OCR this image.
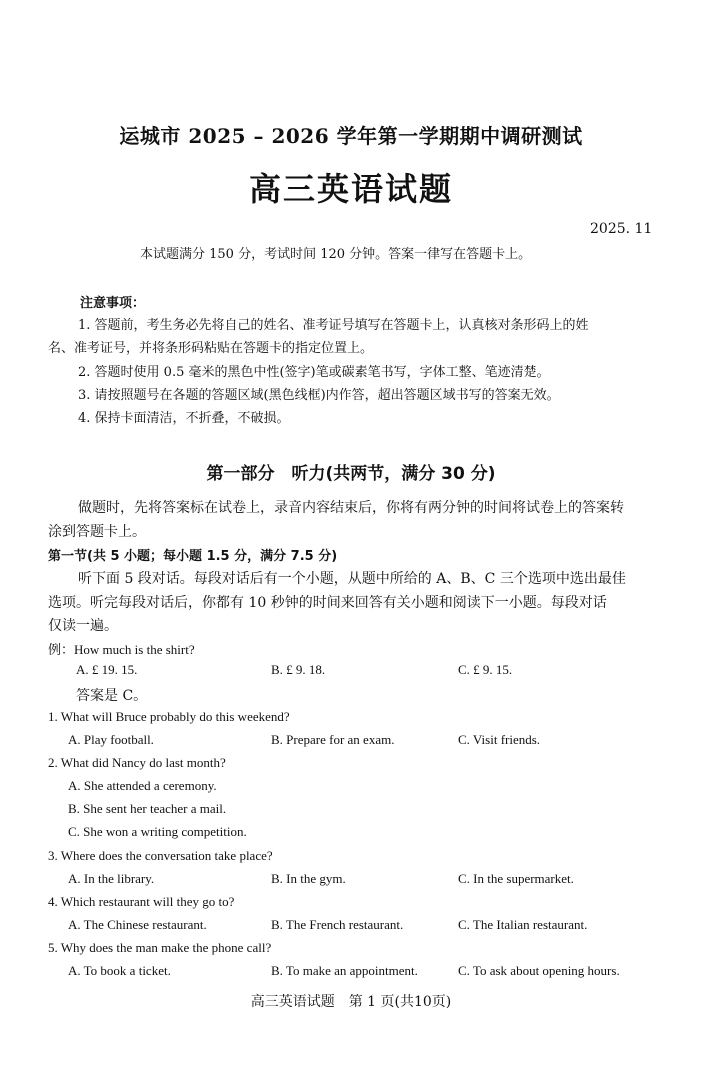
运城市 2025 – 2026 学年第一学期期中调研测试
高三英语试题
2025. 11
本试题满分 150 分，考试时间 120 分钟。答案一律写在答题卡上。
注意事项：
1. 答题前，考生务必先将自己的姓名、准考证号填写在答题卡上，认真核对条形码上的姓
名、准考证号，并将条形码粘贴在答题卡的指定位置上。
2. 答题时使用 0.5 毫米的黑色中性(签字)笔或碳素笔书写，字体工整、笔迹清楚。
3. 请按照题号在各题的答题区域(黑色线框)内作答，超出答题区域书写的答案无效。
4. 保持卡面清洁，不折叠，不破损。
第一部分　听力(共两节，满分 30 分)
做题时，先将答案标在试卷上，录音内容结束后，你将有两分钟的时间将试卷上的答案转
涂到答题卡上。
第一节(共 5 小题；每小题 1.5 分，满分 7.5 分)
听下面 5 段对话。每段对话后有一个小题，从题中所给的 A、B、C 三个选项中选出最佳
选项。听完每段对话后，你都有 10 秒钟的时间来回答有关小题和阅读下一小题。每段对话
仅读一遍。
例：How much is the shirt?
A. £ 19. 15.	B. £ 9. 18.	C. £ 9. 15.
答案是 C。
1. What will Bruce probably do this weekend?
A. Play football.	B. Prepare for an exam.	C. Visit friends.
2. What did Nancy do last month?
A. She attended a ceremony.
B. She sent her teacher a mail.
C. She won a writing competition.
3. Where does the conversation take place?
A. In the library.	B. In the gym.	C. In the supermarket.
4. Which restaurant will they go to?
A. The Chinese restaurant.	B. The French restaurant.	C. The Italian restaurant.
5. Why does the man make the phone call?
A. To book a ticket.	B. To make an appointment.	C. To ask about opening hours.
高三英语试题　第 1 页(共10页)
